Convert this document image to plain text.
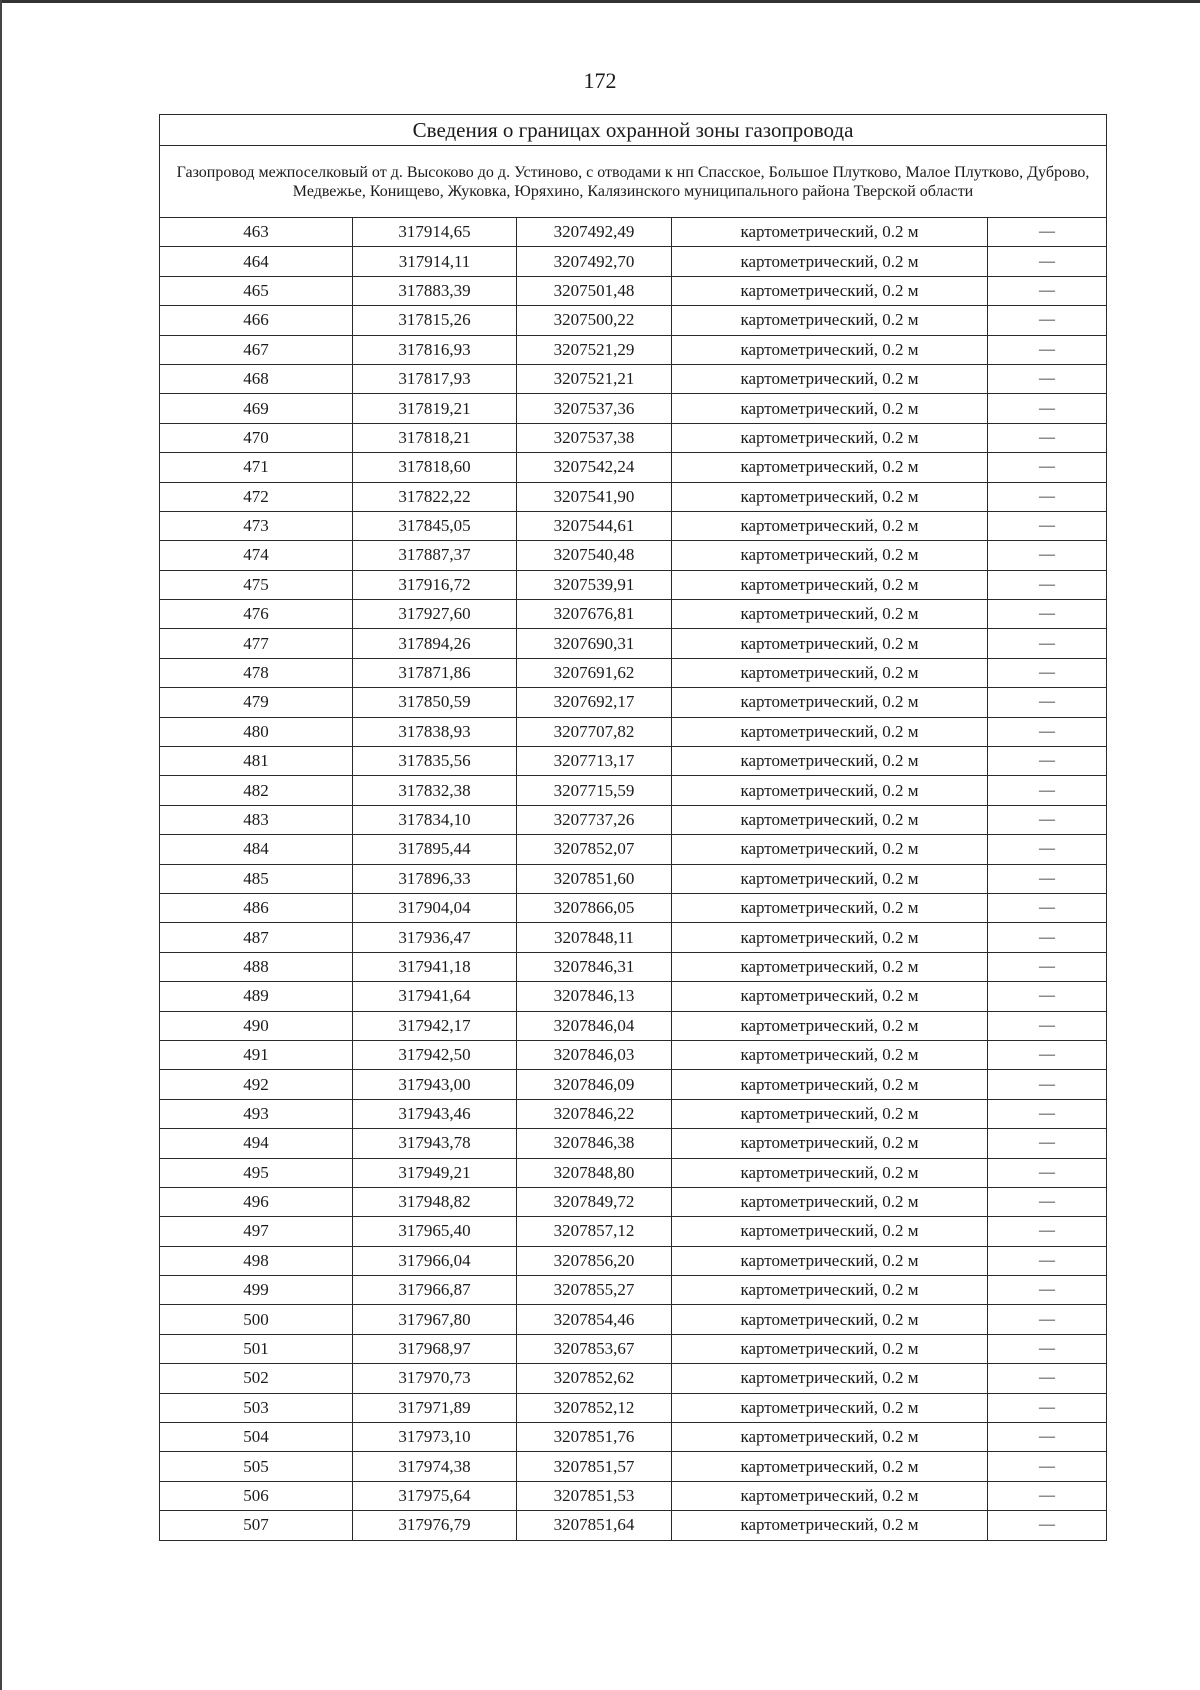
172
Сведения о границах охранной зоны газопровода				
Газопровод межпоселковый от д. Высоково до д. Устиново, с отводами к нп Спасское, Большое Плутково, Малое Плутково, Дуброво, Медвежье, Конищево, Жуковка, Юряхино, Калязинского муниципального района Тверской области				
463	317914,65	3207492,49	картометрический, 0.2 м	—
464	317914,11	3207492,70	картометрический, 0.2 м	—
465	317883,39	3207501,48	картометрический, 0.2 м	—
466	317815,26	3207500,22	картометрический, 0.2 м	—
467	317816,93	3207521,29	картометрический, 0.2 м	—
468	317817,93	3207521,21	картометрический, 0.2 м	—
469	317819,21	3207537,36	картометрический, 0.2 м	—
470	317818,21	3207537,38	картометрический, 0.2 м	—
471	317818,60	3207542,24	картометрический, 0.2 м	—
472	317822,22	3207541,90	картометрический, 0.2 м	—
473	317845,05	3207544,61	картометрический, 0.2 м	—
474	317887,37	3207540,48	картометрический, 0.2 м	—
475	317916,72	3207539,91	картометрический, 0.2 м	—
476	317927,60	3207676,81	картометрический, 0.2 м	—
477	317894,26	3207690,31	картометрический, 0.2 м	—
478	317871,86	3207691,62	картометрический, 0.2 м	—
479	317850,59	3207692,17	картометрический, 0.2 м	—
480	317838,93	3207707,82	картометрический, 0.2 м	—
481	317835,56	3207713,17	картометрический, 0.2 м	—
482	317832,38	3207715,59	картометрический, 0.2 м	—
483	317834,10	3207737,26	картометрический, 0.2 м	—
484	317895,44	3207852,07	картометрический, 0.2 м	—
485	317896,33	3207851,60	картометрический, 0.2 м	—
486	317904,04	3207866,05	картометрический, 0.2 м	—
487	317936,47	3207848,11	картометрический, 0.2 м	—
488	317941,18	3207846,31	картометрический, 0.2 м	—
489	317941,64	3207846,13	картометрический, 0.2 м	—
490	317942,17	3207846,04	картометрический, 0.2 м	—
491	317942,50	3207846,03	картометрический, 0.2 м	—
492	317943,00	3207846,09	картометрический, 0.2 м	—
493	317943,46	3207846,22	картометрический, 0.2 м	—
494	317943,78	3207846,38	картометрический, 0.2 м	—
495	317949,21	3207848,80	картометрический, 0.2 м	—
496	317948,82	3207849,72	картометрический, 0.2 м	—
497	317965,40	3207857,12	картометрический, 0.2 м	—
498	317966,04	3207856,20	картометрический, 0.2 м	—
499	317966,87	3207855,27	картометрический, 0.2 м	—
500	317967,80	3207854,46	картометрический, 0.2 м	—
501	317968,97	3207853,67	картометрический, 0.2 м	—
502	317970,73	3207852,62	картометрический, 0.2 м	—
503	317971,89	3207852,12	картометрический, 0.2 м	—
504	317973,10	3207851,76	картометрический, 0.2 м	—
505	317974,38	3207851,57	картометрический, 0.2 м	—
506	317975,64	3207851,53	картометрический, 0.2 м	—
507	317976,79	3207851,64	картометрический, 0.2 м	—
